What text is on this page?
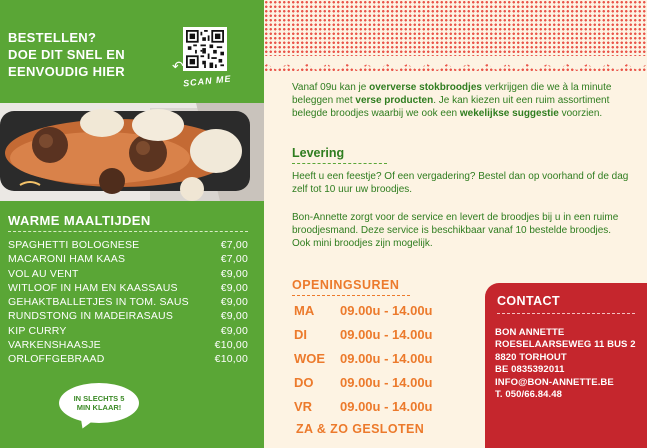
BESTELLEN?
DOE DIT SNEL EN
EENVOUDIG HIER	↶
SCAN ME
WARME MAALTIJDEN
SPAGHETTI BOLOGNESE	€7,00
MACARONI HAM KAAS	€7,00
VOL AU VENT	€9,00
WITLOOF IN HAM EN KAASSAUS	€9,00
GEHAKTBALLETJES IN TOM. SAUS	€9,00
RUNDSTONG IN MADEIRASAUS	€9,00
KIP CURRY	€9,00
VARKENSHAASJE	€10,00
ORLOFFGEBRAAD	€10,00
IN SLECHTS 5
MIN KLAAR!

Vanaf 09u kan je oververse stokbroodjes verkrijgen die we à la minute beleggen met verse producten. Je kan kiezen uit een ruim assortiment belegde broodjes waarbij we ook een wekelijkse suggestie voorzien.

Levering

Heeft u een feestje? Of een vergadering? Bestel dan op voorhand of de dag zelf tot 10 uur uw broodjes.

Bon-Annette zorgt voor de service en levert de broodjes bij u in een ruime broodjesmand. Deze service is beschikbaar vanaf 10 bestelde broodjes. Ook mini broodjes zijn mogelijk.

OPENINGSUREN
MA	09.00u - 14.00u
DI	09.00u - 14.00u
WOE	09.00u - 14.00u
DO	09.00u - 14.00u
VR	09.00u - 14.00u
ZA & ZO GESLOTEN
CONTACT
BON ANNETTE
ROESELAARSEWEG 11 BUS 2
8820 TORHOUT
BE 0835392011
INFO@BON-ANNETTE.BE
T. 050/66.84.48
